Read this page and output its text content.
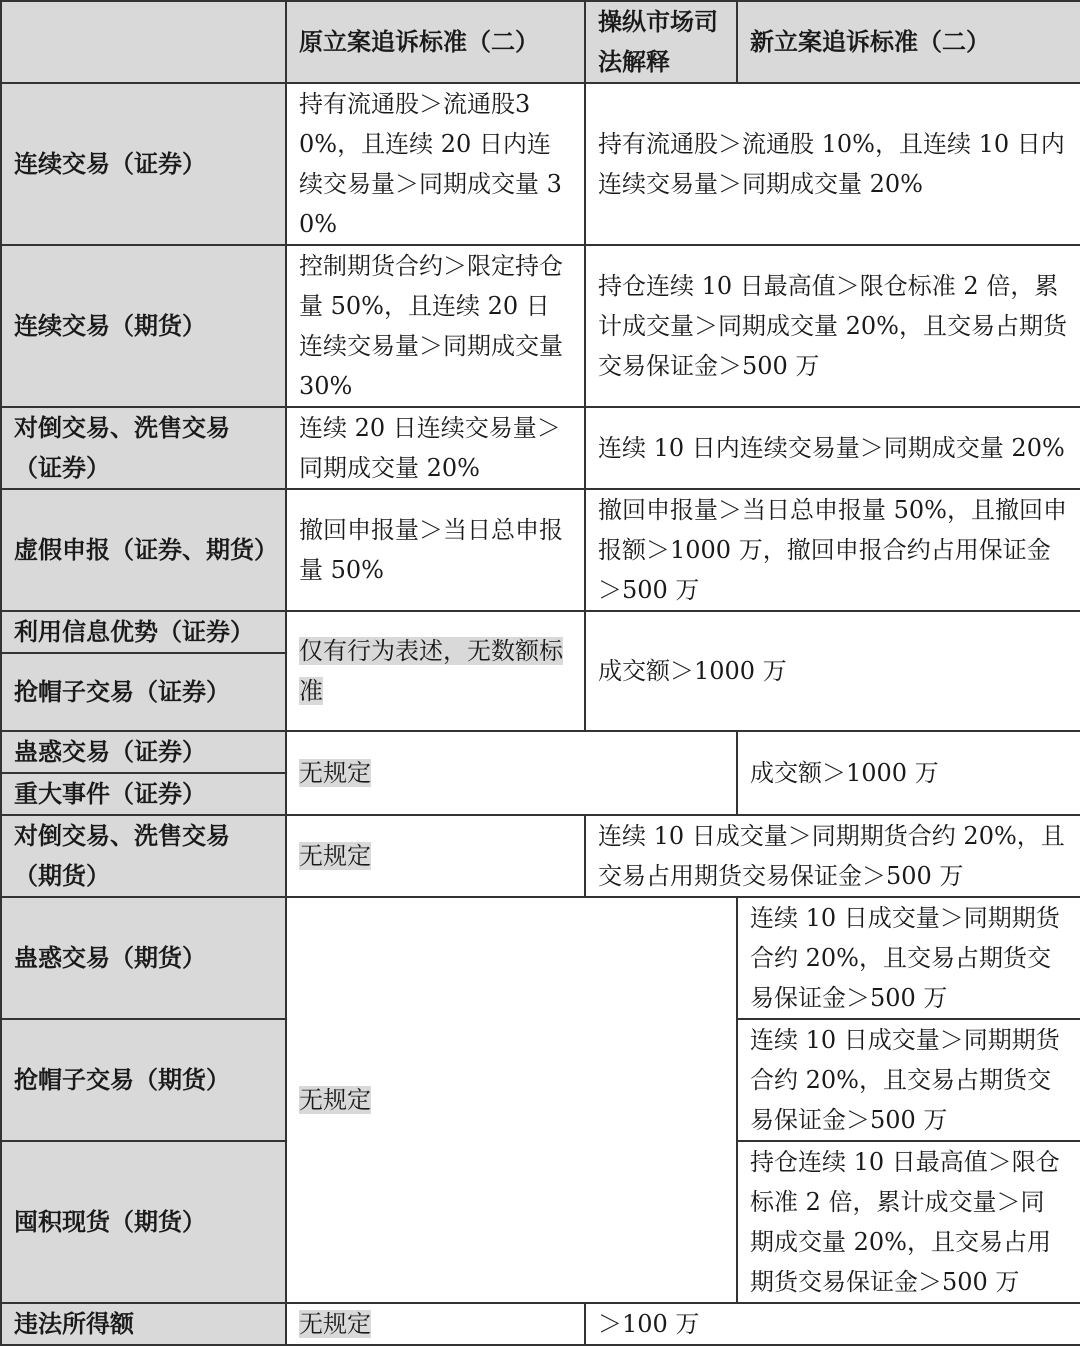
	原立案追诉标准（二）	操纵市场司法解释	新立案追诉标准（二）
连续交易（证券）	持有流通股＞流通股30%，且连续 20 日内连续交易量＞同期成交量 30%	持有流通股＞流通股 10%，且连续 10 日内连续交易量＞同期成交量 20%	
连续交易（期货）	控制期货合约＞限定持仓量 50%，且连续 20 日连续交易量＞同期成交量 30%	持仓连续 10 日最高值＞限仓标准 2 倍，累计成交量＞同期成交量 20%，且交易占期货交易保证金＞500 万	
对倒交易、洗售交易（证券）	连续 20 日连续交易量＞同期成交量 20%	连续 10 日内连续交易量＞同期成交量 20%	
虚假申报（证券、期货）	撤回申报量＞当日总申报量 50%	撤回申报量＞当日总申报量 50%，且撤回申报额＞1000 万，撤回申报合约占用保证金＞500 万	
利用信息优势（证券）	仅有行为表述，无数额标准	成交额＞1000 万	
抢帽子交易（证券）			
蛊惑交易（证券）	无规定		成交额＞1000 万
重大事件（证券）			
对倒交易、洗售交易（期货）	无规定	连续 10 日成交量＞同期期货合约 20%，且交易占用期货交易保证金＞500 万	
蛊惑交易（期货）	无规定		连续 10 日成交量＞同期期货合约 20%，且交易占期货交易保证金＞500 万
抢帽子交易（期货）			连续 10 日成交量＞同期期货合约 20%，且交易占期货交易保证金＞500 万
囤积现货（期货）			持仓连续 10 日最高值＞限仓标准 2 倍，累计成交量＞同期成交量 20%，且交易占用期货交易保证金＞500 万
违法所得额	无规定	＞100 万	
